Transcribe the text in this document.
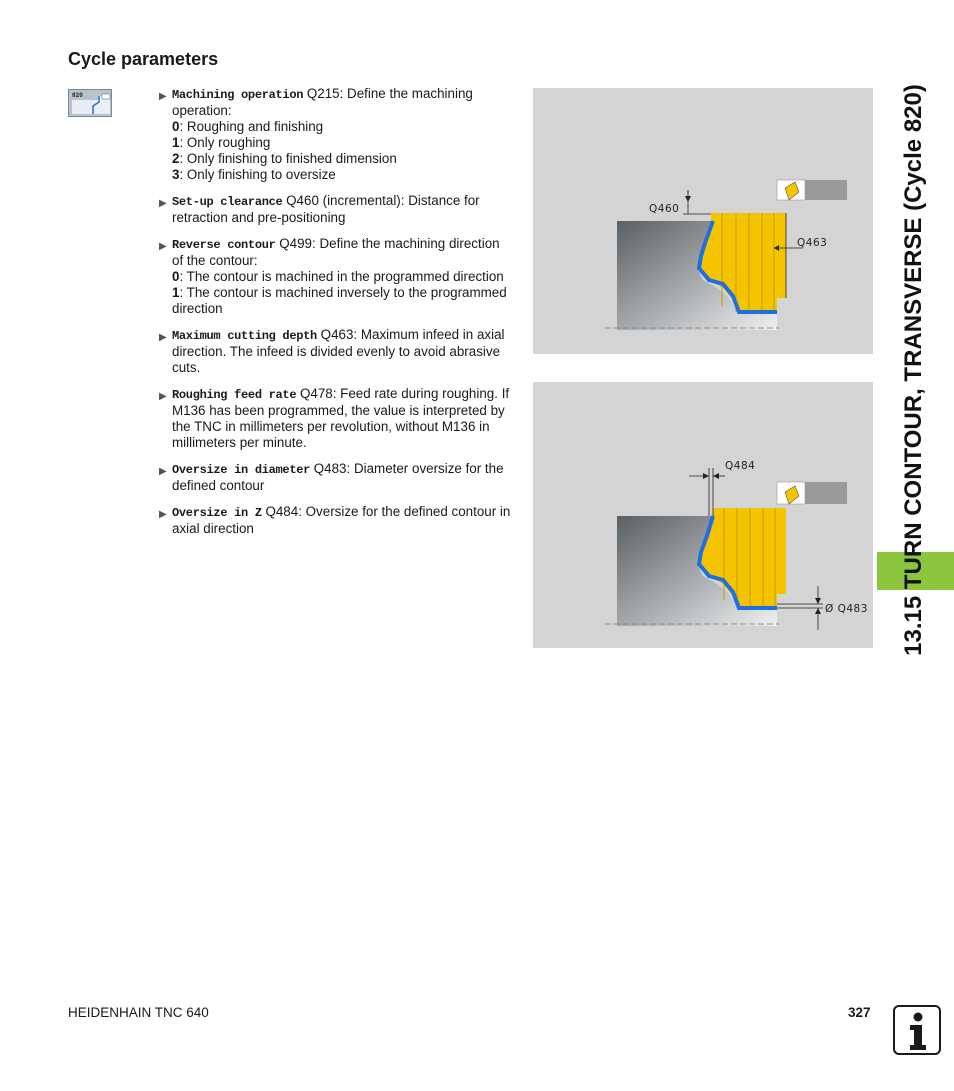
Cycle parameters
820	▶ Machining operation Q215: Define the machining operation:
0: Roughing and finishing
1: Only roughing
2: Only finishing to finished dimension
3: Only finishing to oversize
▶ Set-up clearance Q460 (incremental): Distance for retraction and pre-positioning
▶ Reverse contour Q499: Define the machining direction of the contour:
0: The contour is machined in the programmed direction
1: The contour is machined inversely to the programmed direction
▶ Maximum cutting depth Q463: Maximum infeed in axial direction. The infeed is divided evenly to avoid abrasive cuts.
▶ Roughing feed rate Q478: Feed rate during roughing. If M136 has been programmed, the value is interpreted by the TNC in millimeters per revolution, without M136 in millimeters per minute.
▶ Oversize in diameter Q483: Diameter oversize for the defined contour
▶ Oversize in Z Q484: Oversize for the defined contour in axial direction
Q460
Q463
Q484
Ø Q483 13.15 TURN CONTOUR, TRANSVERSE (Cycle 820)
HEIDENHAIN TNC 640	327
